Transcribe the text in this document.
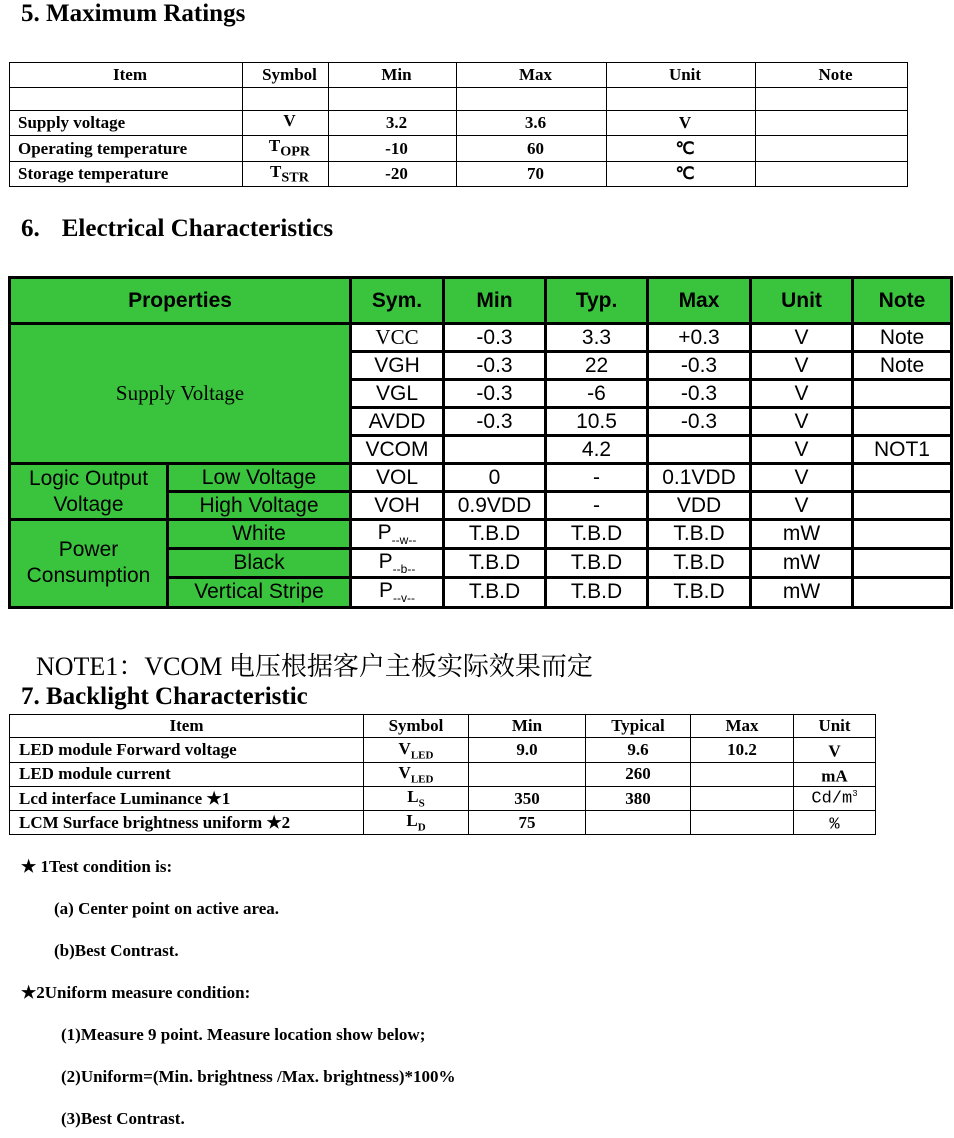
5. Maximum Ratings
Item	Symbol	Min	Max	Unit	Note

Supply voltage	V	3.2	3.6	V	
Operating temperature	$T_{OPR}$	-10	60	℃	
Storage temperature	$T_{STR}$	-20	70	℃	
6. Electrical Characteristics
Properties		Sym.	Min	Typ.	Max	Unit	Note
Supply Voltage		VCC	-0.3	3.3	+0.3	V	Note
		VGH	-0.3	22	-0.3	V	Note
		VGL	-0.3	-6	-0.3	V	
		AVDD	-0.3	10.5	-0.3	V	
		VCOM		4.2		V	NOT1
Logic Output Voltage	Low Voltage	VOL	0	-	0.1VDD	V	
	High Voltage	VOH	0.9VDD	-	VDD	V	
Power Consumption	White	$P_{--w--}$	T.B.D	T.B.D	T.B.D	mW	
	Black	$P_{--b--}$	T.B.D	T.B.D	T.B.D	mW	
	Vertical Stripe	$P_{--v--}$	T.B.D	T.B.D	T.B.D	mW	
NOTE1：VCOM 电压根据客户主板实际效果而定
7. Backlight Characteristic
Item	Symbol	Min	Typical	Max	Unit
LED module Forward voltage	$V_{LED}$	9.0	9.6	10.2	V
LED module current	$V_{LED}$		260		mA
Lcd interface Luminance ★1	$L_S$	350	380		$Cd/m^3$
LCM Surface brightness uniform ★2	$L_D$	75			%
★ 1Test condition is:
(a) Center point on active area.
(b)Best Contrast.
★2Uniform measure condition:
(1)Measure 9 point. Measure location show below;
(2)Uniform=(Min. brightness /Max. brightness)*100%
(3)Best Contrast.
